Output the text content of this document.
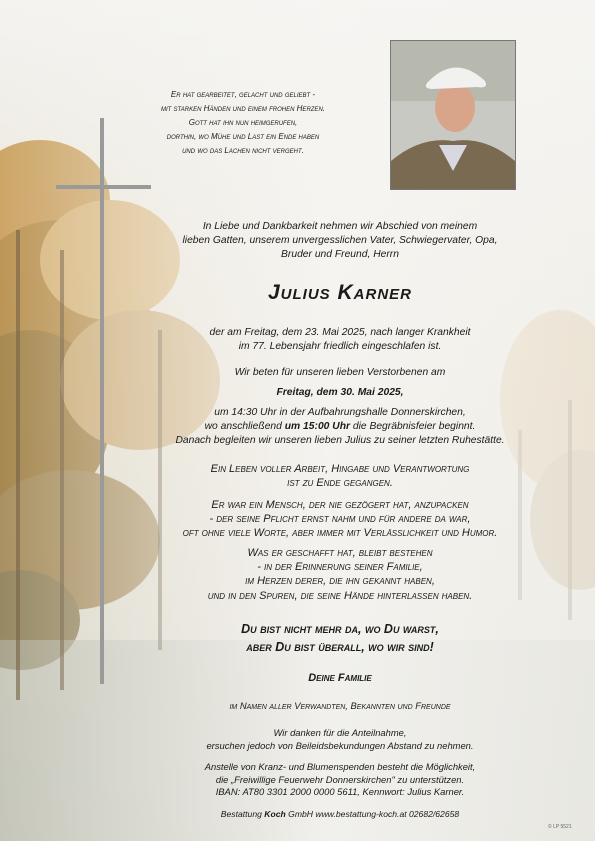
Er hat gearbeitet, gelacht und geliebt -
mit starken Händen und einem frohen Herzen.
Gott hat ihn nun heimgerufen,
dorthin, wo Mühe und Last ein Ende haben
und wo das Lachen nicht vergeht.
In Liebe und Dankbarkeit nehmen wir Abschied von meinem
lieben Gatten, unserem unvergesslichen Vater, Schwiegervater, Opa,
Bruder und Freund, Herrn
Julius Karner
der am Freitag, dem 23. Mai 2025, nach langer Krankheit
im 77. Lebensjahr friedlich eingeschlafen ist.
Wir beten für unseren lieben Verstorbenen am
Freitag, dem 30. Mai 2025,
um 14:30 Uhr in der Aufbahrungshalle Donnerskirchen,
wo anschließend um 15:00 Uhr die Begräbnisfeier beginnt.
Danach begleiten wir unseren lieben Julius zu seiner letzten Ruhestätte.
Ein Leben voller Arbeit, Hingabe und Verantwortung
ist zu Ende gegangen.
Er war ein Mensch, der nie gezögert hat, anzupacken
- der seine Pflicht ernst nahm und für andere da war,
oft ohne viele Worte, aber immer mit Verlässlichkeit und Humor.
Was er geschafft hat, bleibt bestehen
- in der Erinnerung seiner Familie,
im Herzen derer, die ihn gekannt haben,
und in den Spuren, die seine Hände hinterlassen haben.
Du bist nicht mehr da, wo Du warst,
aber Du bist überall, wo wir sind!
Deine Familie
im Namen aller Verwandten, Bekannten und Freunde
Wir danken für die Anteilnahme,
ersuchen jedoch von Beileidsbekundungen Abstand zu nehmen.
Anstelle von Kranz- und Blumenspenden besteht die Möglichkeit,
die „Freiwillige Feuerwehr Donnerskirchen" zu unterstützen.
IBAN: AT80 3301 2000 0000 5611, Kennwort: Julius Karner.
Bestattung Koch GmbH www.bestattung-koch.at 02682/62658
© LP 5521
